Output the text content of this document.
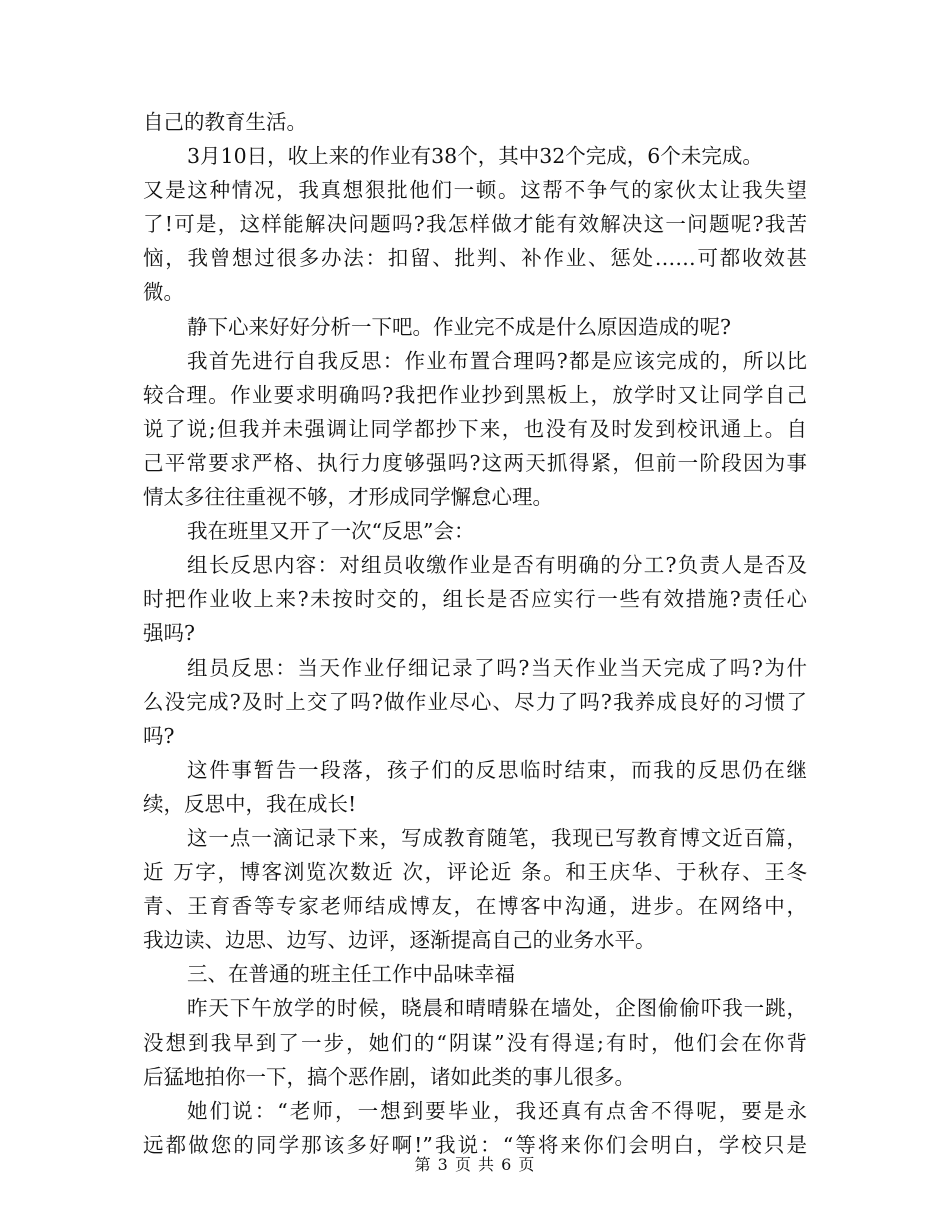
自己的教育生活。
3月10日，收上来的作业有38个，其中32个完成，6个未完成。
又是这种情况，我真想狠批他们一顿。这帮不争气的家伙太让我失望
了!可是，这样能解决问题吗?我怎样做才能有效解决这一问题呢?我苦
恼，我曾想过很多办法：扣留、批判、补作业、惩处……可都收效甚
微。
静下心来好好分析一下吧。作业完不成是什么原因造成的呢?
我首先进行自我反思：作业布置合理吗?都是应该完成的，所以比
较合理。作业要求明确吗?我把作业抄到黑板上，放学时又让同学自己
说了说;但我并未强调让同学都抄下来，也没有及时发到校讯通上。自
己平常要求严格、执行力度够强吗?这两天抓得紧，但前一阶段因为事
情太多往往重视不够，才形成同学懈怠心理。
我在班里又开了一次“反思”会：
组长反思内容：对组员收缴作业是否有明确的分工?负责人是否及
时把作业收上来?未按时交的，组长是否应实行一些有效措施?责任心
强吗?
组员反思：当天作业仔细记录了吗?当天作业当天完成了吗?为什
么没完成?及时上交了吗?做作业尽心、尽力了吗?我养成良好的习惯了
吗?
这件事暂告一段落，孩子们的反思临时结束，而我的反思仍在继
续，反思中，我在成长!
这一点一滴记录下来，写成教育随笔，我现已写教育博文近百篇，
近 万字，博客浏览次数近 次，评论近 条。和王庆华、于秋存、王冬
青、王育香等专家老师结成博友，在博客中沟通，进步。在网络中，
我边读、边思、边写、边评，逐渐提高自己的业务水平。
三、在普通的班主任工作中品味幸福
昨天下午放学的时候，晓晨和晴晴躲在墙处，企图偷偷吓我一跳，
没想到我早到了一步，她们的“阴谋”没有得逞;有时，他们会在你背
后猛地拍你一下，搞个恶作剧，诸如此类的事儿很多。
她们说：“老师，一想到要毕业，我还真有点舍不得呢，要是永
远都做您的同学那该多好啊!”我说：“等将来你们会明白，学校只是
第 3 页 共 6 页
